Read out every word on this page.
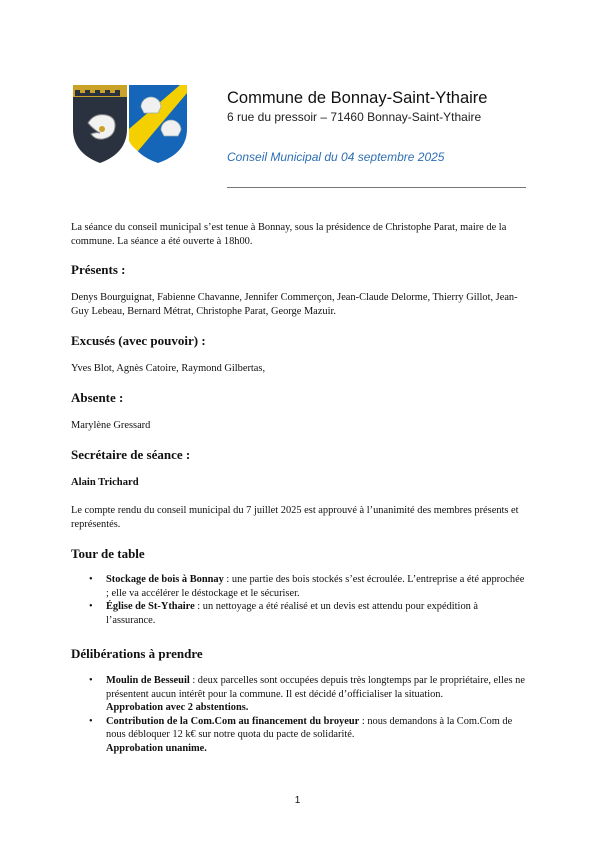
Commune de Bonnay-Saint-Ythaire
6 rue du pressoir – 71460 Bonnay-Saint-Ythaire
Conseil Municipal du 04 septembre 2025
La séance du conseil municipal s’est tenue à Bonnay, sous la présidence de Christophe Parat, maire de la commune. La séance a été ouverte à 18h00.
Présents :
Denys Bourguignat, Fabienne Chavanne, Jennifer Commerçon, Jean-Claude Delorme, Thierry Gillot, Jean-Guy Lebeau, Bernard Métrat, Christophe Parat, George Mazuir.
Excusés (avec pouvoir) :
Yves Blot, Agnès Catoire, Raymond Gilbertas,
Absente :
Marylène Gressard
Secrétaire de séance :
Alain Trichard
Le compte rendu du conseil municipal du 7 juillet 2025 est approuvé à l’unanimité des membres présents et représentés.
Tour de table
• Stockage de bois à Bonnay : une partie des bois stockés s’est écroulée. L’entreprise a été approchée ; elle va accélérer le déstockage et le sécuriser.
• Église de St-Ythaire : un nettoyage a été réalisé et un devis est attendu pour expédition à l’assurance.
Délibérations à prendre
• Moulin de Besseuil : deux parcelles sont occupées depuis très longtemps par le propriétaire, elles ne présentent aucun intérêt pour la commune. Il est décidé d’officialiser la situation.
Approbation avec 2 abstentions.
• Contribution de la Com.Com au financement du broyeur : nous demandons à la Com.Com de nous débloquer 12 k€ sur notre quota du pacte de solidarité.
Approbation unanime.
1
